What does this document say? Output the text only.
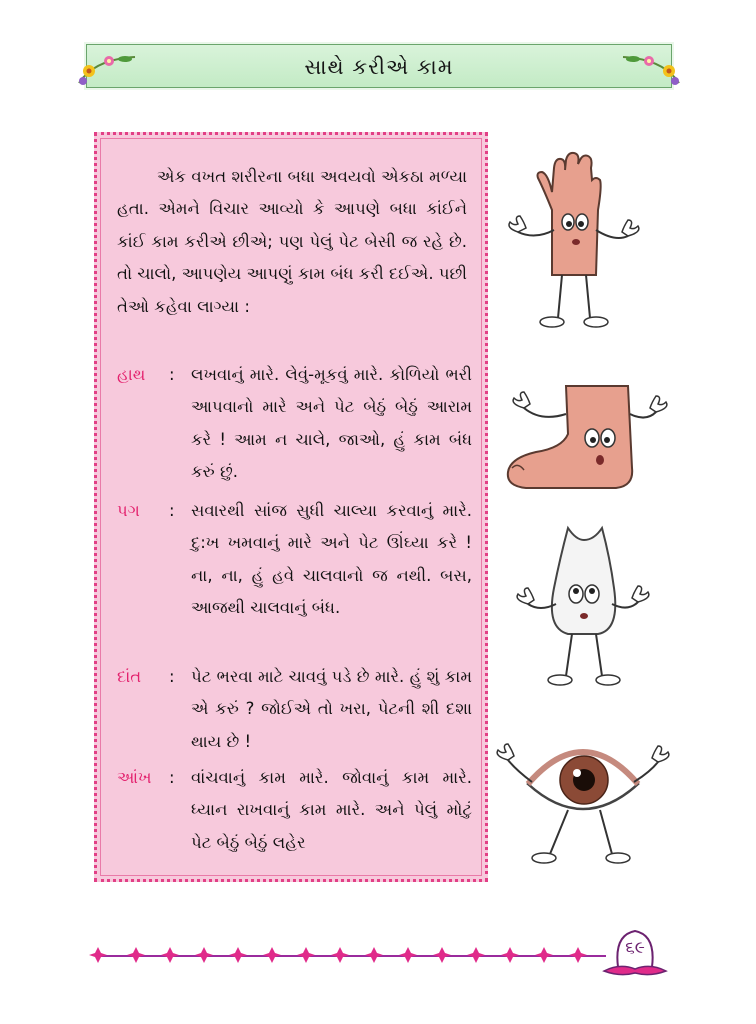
સાથે કરીએ કામ
એક વખત શરીરના બધા અવયવો એકઠા મળ્યા હતા. એમને વિચાર આવ્યો કે આપણે બધા કાંઈને કાંઈ કામ કરીએ છીએ; પણ પેલું પેટ બેસી જ રહે છે. તો ચાલો, આપણેય આપણું કામ બંધ કરી દઈએ. પછી તેઓ કહેવા લાગ્યા :
હાથ : લખવાનું મારે. લેવું-મૂકવું મારે. કોળિયો ભરી આપવાનો મારે અને પેટ બેઠું બેઠું આરામ કરે ! આમ ન ચાલે, જાઓ, હું કામ બંધ કરું છું.
પગ : સવારથી સાંજ સુધી ચાલ્યા કરવાનું મારે. દુ:ખ ખમવાનું મારે અને પેટ ઊંઘ્યા કરે ! ના, ના, હું હવે ચાલવાનો જ નથી. બસ, આજથી ચાલવાનું બંધ.
દાંત : પેટ ભરવા માટે ચાવવું પડે છે મારે. હું શું કામ એ કરું ? જોઈએ તો ખરા, પેટની શી દશા થાય છે !
આંખ : વાંચવાનું કામ મારે. જોવાનું કામ મારે. ધ્યાન રાખવાનું કામ મારે. અને પેલું મોટું પેટ બેઠું બેઠું લહેર
૬૯
